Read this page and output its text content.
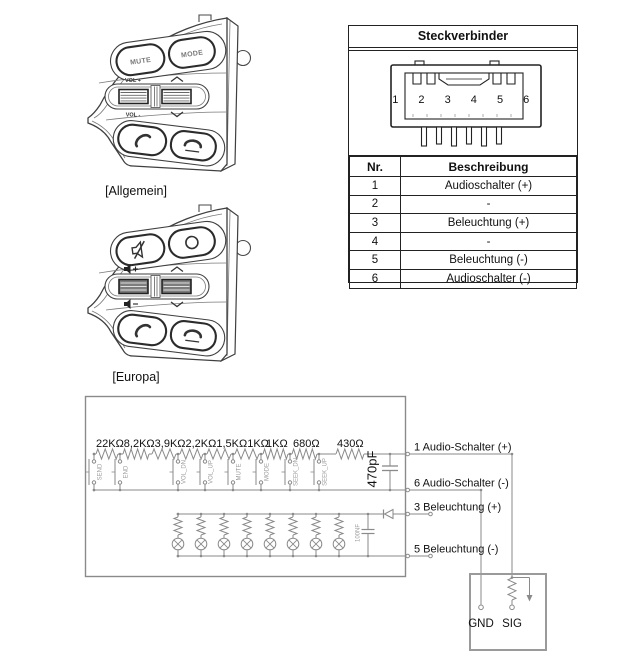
MUTE
MODE
VOL +
VOL -
[Allgemein]
[Europa]
Steckverbinder
1 2 3 4 5 6
Nr.	Beschreibung
1	Audioschalter (+)
2	-
3	Beleuchtung (+)
4	-
5	Beleuchtung (-)
6	Audioschalter (-)
22KΩ8,2KΩ3,9KΩ2,2KΩ1,5KΩ1KΩ
1KΩ 680Ω 430Ω
SEND	END	VOL_DN	VOL_UP	MUTE	MODE	SEEK_DN	SEEK_UP	470pF
100NF
1 Audio-Schalter (+)
6 Audio-Schalter (-)
3 Beleuchtung (+)
5 Beleuchtung (-)
GND SIG
